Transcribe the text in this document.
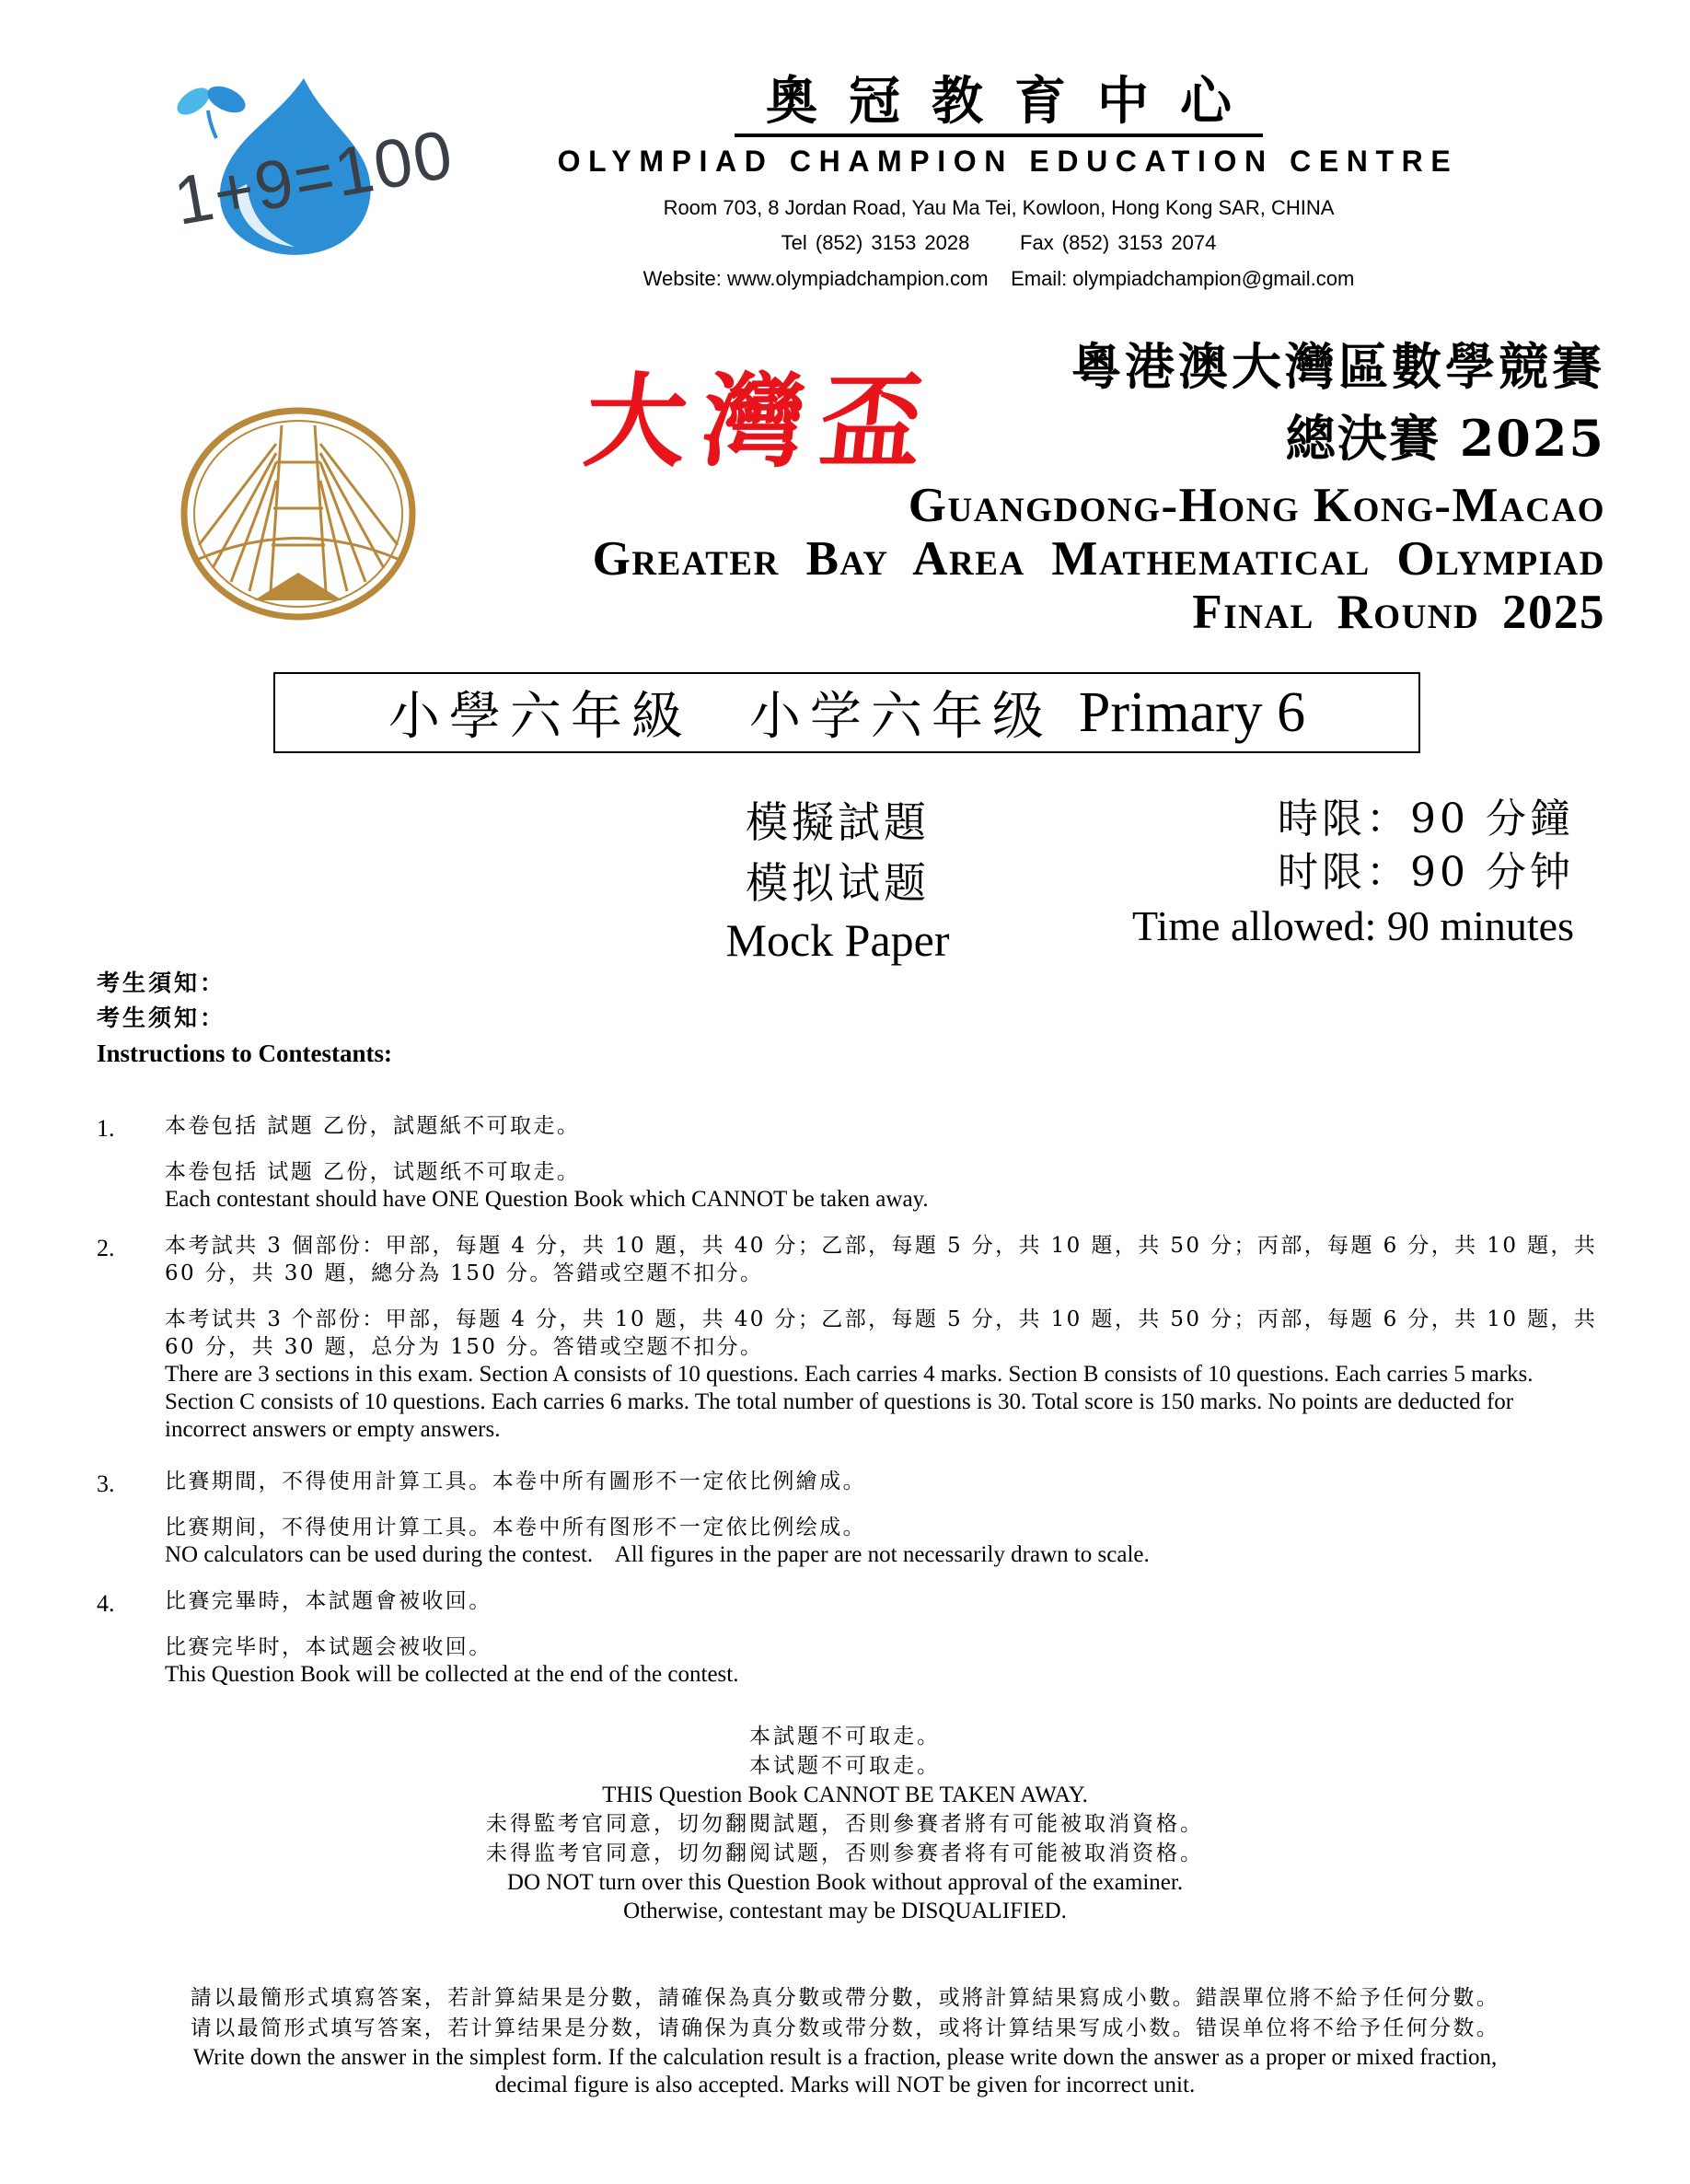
1+9=100
奧冠教育中心
OLYMPIAD CHAMPION EDUCATION CENTRE
Room 703, 8 Jordan Road, Yau Ma Tei, Kowloon, Hong Kong SAR, CHINA
Tel (852) 3153 2028      Fax (852) 3153 2074
Website: www.olympiadchampion.com    Email: olympiadchampion@gmail.com
大灣盃	粵港澳大灣區數學競賽
總決賽 2025
Guangdong-Hong Kong-Macao
Greater Bay Area Mathematical Olympiad
Final Round 2025
小學六年級 小学六年级 Primary 6
模擬試題
模拟试题
Mock Paper
時限：90 分鐘
时限：90 分钟
Time allowed: 90 minutes
考生須知：
考生须知：
Instructions to Contestants:
1. 本卷包括 試題 乙份，試題紙不可取走。
本卷包括 试题 乙份，试题纸不可取走。
Each contestant should have ONE Question Book which CANNOT be taken away.
2. 本考試共 3 個部份：甲部，每題 4 分，共 10 題，共 40 分；乙部，每題 5 分，共 10 題，共 50 分；丙部，每題 6 分，共 10 題，共 60 分，共 30 題，總分為 150 分。答錯或空題不扣分。
本考试共 3 个部份：甲部，每题 4 分，共 10 题，共 40 分；乙部，每题 5 分，共 10 题，共 50 分；丙部，每题 6 分，共 10 题，共 60 分，共 30 题，总分为 150 分。答错或空题不扣分。
There are 3 sections in this exam. Section A consists of 10 questions. Each carries 4 marks. Section B consists of 10 questions. Each carries 5 marks. Section C consists of 10 questions. Each carries 6 marks. The total number of questions is 30. Total score is 150 marks. No points are deducted for incorrect answers or empty answers.
3. 比賽期間，不得使用計算工具。本卷中所有圖形不一定依比例繪成。
比赛期间，不得使用计算工具。本卷中所有图形不一定依比例绘成。
NO calculators can be used during the contest.    All figures in the paper are not necessarily drawn to scale.
4. 比賽完畢時，本試題會被收回。
比赛完毕时，本试题会被收回。
This Question Book will be collected at the end of the contest.
本試題不可取走。
本试题不可取走。
THIS Question Book CANNOT BE TAKEN AWAY.
未得監考官同意，切勿翻閱試題，否則參賽者將有可能被取消資格。
未得监考官同意，切勿翻阅试题，否则参赛者将有可能被取消资格。
DO NOT turn over this Question Book without approval of the examiner.
Otherwise, contestant may be DISQUALIFIED.
請以最簡形式填寫答案，若計算結果是分數，請確保為真分數或帶分數，或將計算結果寫成小數。錯誤單位將不給予任何分數。
请以最简形式填写答案，若计算结果是分数，请确保为真分数或带分数，或将计算结果写成小数。错误单位将不给予任何分数。
Write down the answer in the simplest form. If the calculation result is a fraction, please write down the answer as a proper or mixed fraction,
decimal figure is also accepted. Marks will NOT be given for incorrect unit.
